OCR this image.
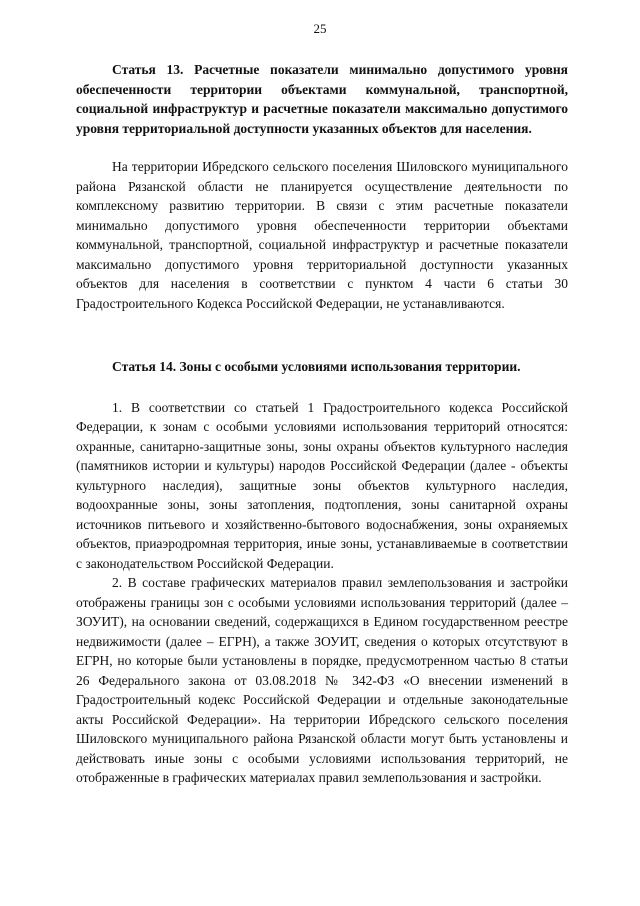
25

Статья 13. Расчетные показатели минимально допустимого уровня обеспеченности территории объектами коммунальной, транспортной, социальной инфраструктур и расчетные показатели максимально допустимого уровня территориальной доступности указанных объектов для населения.

На территории Ибредского сельского поселения Шиловского муниципального района Рязанской области не планируется осуществление деятельности по комплексному развитию территории. В связи с этим расчетные показатели минимально допустимого уровня обеспеченности территории объектами коммунальной, транспортной, социальной инфраструктур и расчетные показатели максимально допустимого уровня территориальной доступности указанных объектов для населения в соответствии с пунктом 4 части 6 статьи 30 Градостроительного Кодекса Российской Федерации, не устанавливаются.

Статья 14. Зоны с особыми условиями использования территории.

1. В соответствии со статьей 1 Градостроительного кодекса Российской Федерации, к зонам с особыми условиями использования территорий относятся: охранные, санитарно-защитные зоны, зоны охраны объектов культурного наследия (памятников истории и культуры) народов Российской Федерации (далее - объекты культурного наследия), защитные зоны объектов культурного наследия, водоохранные зоны, зоны затопления, подтопления, зоны санитарной охраны источников питьевого и хозяйственно-бытового водоснабжения, зоны охраняемых объектов, приаэродромная территория, иные зоны, устанавливаемые в соответствии с законодательством Российской Федерации.

2. В составе графических материалов правил землепользования и застройки отображены границы зон с особыми условиями использования территорий (далее – ЗОУИТ), на основании сведений, содержащихся в Едином государственном реестре недвижимости (далее – ЕГРН), а также ЗОУИТ, сведения о которых отсутствуют в ЕГРН, но которые были установлены в порядке, предусмотренном частью 8 статьи 26 Федерального закона от 03.08.2018 № 342-ФЗ «О внесении изменений в Градостроительный кодекс Российской Федерации и отдельные законодательные акты Российской Федерации». На территории Ибредского сельского поселения Шиловского муниципального района Рязанской области могут быть установлены и действовать иные зоны с особыми условиями использования территорий, не отображенные в графических материалах правил землепользования и застройки.
